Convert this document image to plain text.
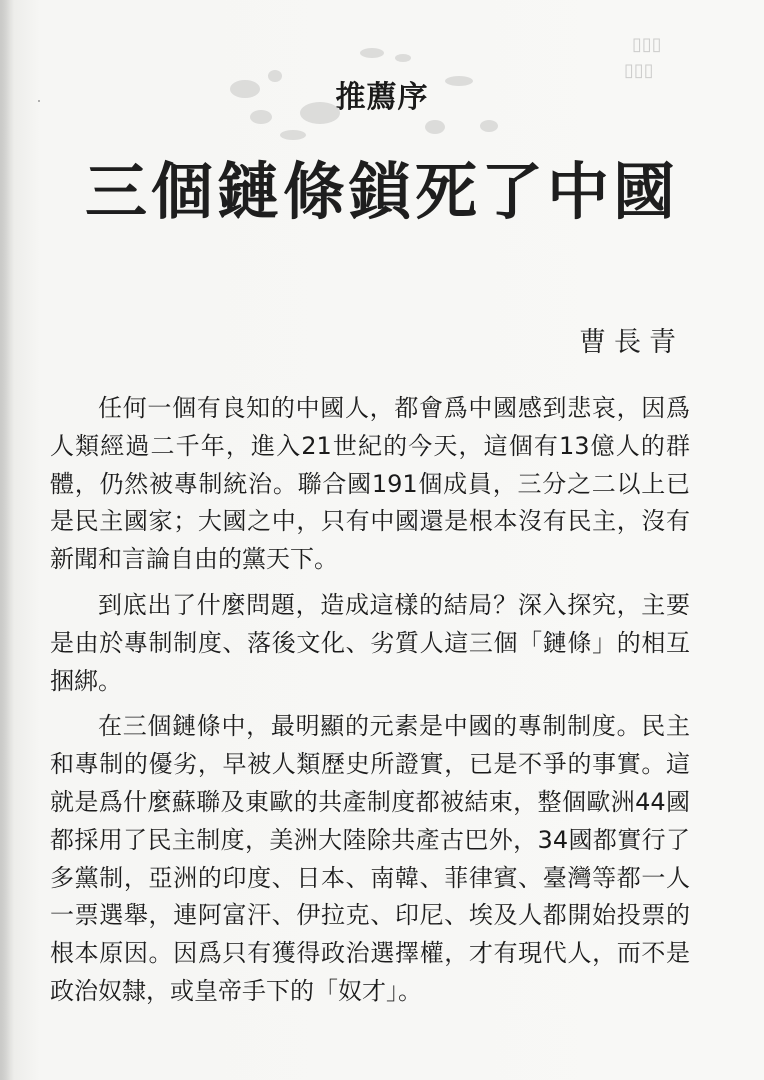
▯▯▯
▯▯▯
推薦序
三個鏈條鎖死了中國
曹長青

任何一個有良知的中國人，都會爲中國感到悲哀，因爲人類經過二千年，進入21世紀的今天，這個有13億人的群體，仍然被專制統治。聯合國191個成員，三分之二以上已是民主國家；大國之中，只有中國還是根本沒有民主，沒有新聞和言論自由的黨天下。

到底出了什麼問題，造成這樣的結局？深入探究，主要是由於專制制度、落後文化、劣質人這三個「鏈條」的相互捆綁。

在三個鏈條中，最明顯的元素是中國的專制制度。民主和專制的優劣，早被人類歷史所證實，已是不爭的事實。這就是爲什麼蘇聯及東歐的共產制度都被結束，整個歐洲44國都採用了民主制度，美洲大陸除共產古巴外，34國都實行了多黨制，亞洲的印度、日本、南韓、菲律賓、臺灣等都一人一票選舉，連阿富汗、伊拉克、印尼、埃及人都開始投票的根本原因。因爲只有獲得政治選擇權，才有現代人，而不是政治奴隸，或皇帝手下的「奴才」。
